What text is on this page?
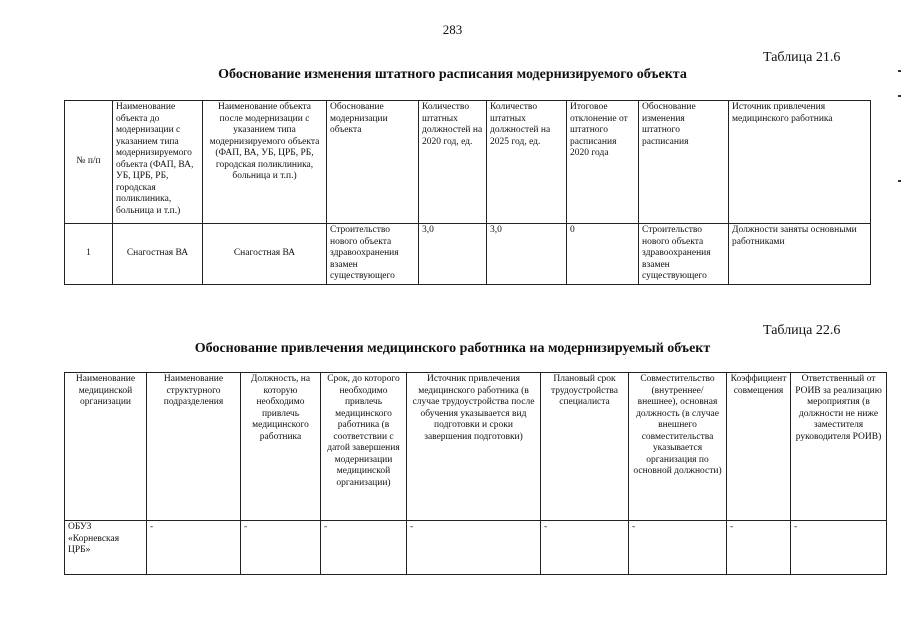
283
Таблица 21.6
Обоснование изменения штатного расписания модернизируемого объекта
№ п/п	Наименование объекта до модернизации с указанием типа модернизируемого объекта (ФАП, ВА, УБ, ЦРБ, РБ, городская поликлиника, больница и т.п.)	Наименование объекта после модернизации с указанием типа модернизируемого объекта (ФАП, ВА, УБ, ЦРБ, РБ, городская поликлиника, больница и т.п.)	Обоснование модернизации объекта	Количество штатных должностей на 2020 год, ед.	Количество штатных должностей на 2025 год, ед.	Итоговое отклонение от штатного расписания 2020 года	Обоснование изменения штатного расписания	Источник привлечения медицинского работника
1	Снагостная ВА	Снагостная ВА	Строительство нового объекта здравоохранения взамен существующего	3,0	3,0	0	Строительство нового объекта здравоохранения взамен существующего	Должности заняты основными работниками
Таблица 22.6
Обоснование привлечения медицинского работника на модернизируемый объект
Наименование медицинской организации	Наименование структурного подразделения	Должность, на которую необходимо привлечь медицинского работника	Срок, до которого необходимо привлечь медицинского работника (в соответствии с датой завершения модернизации медицинской организации)	Источник привлечения медицинского работника (в случае трудоустройства после обучения указывается вид подготовки и сроки завершения подготовки)	Плановый срок трудоустройства специалиста	Совместительство (внутреннее/внешнее), основная должность (в случае внешнего совместительства указывается организация по основной должности)	Коэффициент совмещения	Ответственный от РОИВ за реализацию мероприятия (в должности не ниже заместителя руководителя РОИВ)
ОБУЗ «Корневская ЦРБ»	-	-	-	-	-	-	-	-
